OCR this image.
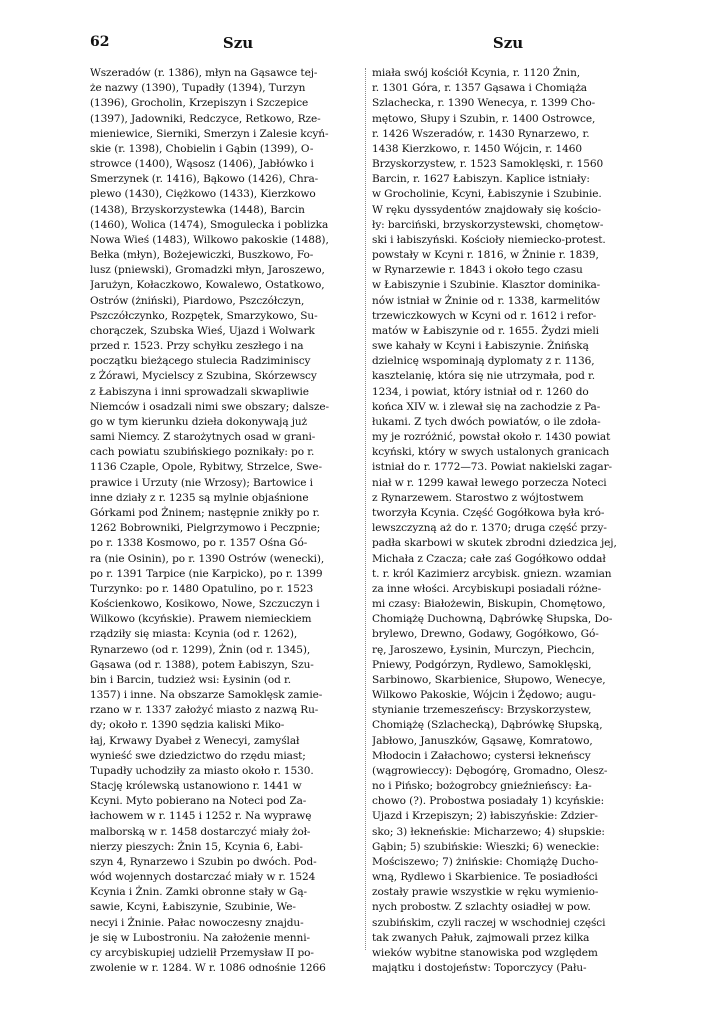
62	Szu	Szu
Wszeradów (r. 1386), młyn na Gąsawce tej-
że nazwy (1390), Tupadły (1394), Turzyn
(1396), Grocholin, Krzepiszyn i Szczepice
(1397), Jadowniki, Redczyce, Retkowo, Rze-
mieniewice, Sierniki, Smerzyn i Zalesie kcyń-
skie (r. 1398), Chobielin i Gąbin (1399), O-
strowce (1400), Wąsosz (1406), Jabłówko i
Smerzynek (r. 1416), Bąkowo (1426), Chra-
plewo (1430), Ciężkowo (1433), Kierzkowo
(1438), Brzyskorzystewka (1448), Barcin
(1460), Wolica (1474), Smogulecka i poblizka
Nowa Wieś (1483), Wilkowo pakoskie (1488),
Bełka (młyn), Bożejewiczki, Buszkowo, Fo-
lusz (pniewski), Gromadzki młyn, Jaroszewo,
Jarużyn, Kołaczkowo, Kowalewo, Ostatkowo,
Ostrów (żniński), Piardowo, Pszczółczyn,
Pszczółczynko, Rozpętek, Smarzykowo, Su-
chorączek, Szubska Wieś, Ujazd i Wolwark
przed r. 1523. Przy schyłku zeszłego i na
początku bieżącego stulecia Radziminiscy
z Żórawi, Mycielscy z Szubina, Skórzewscy
z Łabiszyna i inni sprowadzali skwapliwie
Niemców i osadzali nimi swe obszary; dalsze-
go w tym kierunku dzieła dokonywają już
sami Niemcy. Z starożytnych osad w grani-
cach powiatu szubińskiego poznikały: po r.
1136 Czaple, Opole, Rybitwy, Strzelce, Swe-
prawice i Urzuty (nie Wrzosy); Bartowice i
inne działy z r. 1235 są mylnie objaśnione
Górkami pod Żninem; następnie znikły po r.
1262 Bobrowniki, Pielgrzymowo i Peczpnie;
po r. 1338 Kosmowo, po r. 1357 Ośna Gó-
ra (nie Osinin), po r. 1390 Ostrów (wenecki),
po r. 1391 Tarpice (nie Karpicko), po r. 1399
Turzynko: po r. 1480 Opatulino, po r. 1523
Kościenkowo, Kosikowo, Nowe, Szczuczyn i
Wilkowo (kcyńskie). Prawem niemieckiem
rządziły się miasta: Kcynia (od r. 1262),
Rynarzewo (od r. 1299), Żnin (od r. 1345),
Gąsawa (od r. 1388), potem Łabiszyn, Szu-
bin i Barcin, tudzież wsi: Łysinin (od r.
1357) i inne. Na obszarze Samoklęsk zamie-
rzano w r. 1337 założyć miasto z nazwą Ru-
dy; około r. 1390 sędzia kaliski Miko-
łaj, Krwawy Dyabeł z Wenecyi, zamyślał
wynieść swe dziedzictwo do rzędu miast;
Tupadły uchodziły za miasto około r. 1530.
Stację królewską ustanowiono r. 1441 w
Kcyni. Myto pobierano na Noteci pod Za-
łachowem w r. 1145 i 1252 r. Na wyprawę
malborską w r. 1458 dostarczyć miały żoł-
nierzy pieszych: Żnin 15, Kcynia 6, Łabi-
szyn 4, Rynarzewo i Szubin po dwóch. Pod-
wód wojennych dostarczać miały w r. 1524
Kcynia i Żnin. Zamki obronne stały w Gą-
sawie, Kcyni, Łabiszynie, Szubinie, We-
necyi i Żninie. Pałac nowoczesny znajdu-
je się w Lubostroniu. Na założenie menni-
cy arcybiskupiej udzielił Przemysław II po-
zwolenie w r. 1284. W r. 1086 odnośnie 1266
miała swój kościół Kcynia, r. 1120 Żnin,
r. 1301 Góra, r. 1357 Gąsawa i Chomiąża
Szlachecka, r. 1390 Wenecya, r. 1399 Cho-
mętowo, Słupy i Szubin, r. 1400 Ostrowce,
r. 1426 Wszeradów, r. 1430 Rynarzewo, r.
1438 Kierzkowo, r. 1450 Wójcin, r. 1460
Brzyskorzystew, r. 1523 Samoklęski, r. 1560
Barcin, r. 1627 Łabiszyn. Kaplice istniały:
w Grocholinie, Kcyni, Łabiszynie i Szubinie.
W ręku dyssydentów znajdowały się kościo-
ły: barciński, brzyskorzystewski, chomętow-
ski i łabiszyński. Kościoły niemiecko-protest.
powstały w Kcyni r. 1816, w Żninie r. 1839,
w Rynarzewie r. 1843 i około tego czasu
w Łabiszynie i Szubinie. Klasztor dominika-
nów istniał w Żninie od r. 1338, karmelitów
trzewiczkowych w Kcyni od r. 1612 i refor-
matów w Łabiszynie od r. 1655. Żydzi mieli
swe kahały w Kcyni i Łabiszynie. Żnińską
dzielnicę wspominają dyplomaty z r. 1136,
kasztelanię, która się nie utrzymała, pod r.
1234, i powiat, który istniał od r. 1260 do
końca XIV w. i zlewał się na zachodzie z Pa-
łukami. Z tych dwóch powiatów, o ile zdoła-
my je rozróżnić, powstał około r. 1430 powiat
kcyński, który w swych ustalonych granicach
istniał do r. 1772—73. Powiat nakielski zagar-
niał w r. 1299 kawał lewego porzecza Noteci
z Rynarzewem. Starostwo z wójtostwem
tworzyła Kcynia. Część Gogółkowa była kró-
lewszczyzną aż do r. 1370; druga część przy-
padła skarbowi w skutek zbrodni dziedzica jej,
Michała z Czacza; całe zaś Gogółkowo oddał
t. r. król Kazimierz arcybisk. gniezn. wzamian
za inne włości. Arcybiskupi posiadali różne-
mi czasy: Białożewin, Biskupin, Chomętowo,
Chomiążę Duchowną, Dąbrówkę Słupska, Do-
brylewo, Drewno, Godawy, Gogółkowo, Gó-
rę, Jaroszewo, Łysinin, Murczyn, Piechcin,
Pniewy, Podgórzyn, Rydlewo, Samoklęski,
Sarbinowo, Skarbienice, Słupowo, Wenecye,
Wilkowo Pakoskie, Wójcin i Żędowo; augu-
stynianie trzemeszeńscy: Brzyskorzystew,
Chomiążę (Szlachecką), Dąbrówkę Słupską,
Jabłowo, Januszków, Gąsawę, Komratowo,
Młodocin i Załachowo; cystersi łekneńscy
(wągrowieccy): Dębogórę, Gromadno, Olesz-
no i Pińsko; bożogrobcy gnieźnieńscy: Ła-
chowo (?). Probostwa posiadały 1) kcyńskie:
Ujazd i Krzepiszyn; 2) łabiszyńskie: Zdzier-
sko; 3) łekneńskie: Micharzewo; 4) słupskie:
Gąbin; 5) szubińskie: Wieszki; 6) weneckie:
Mościszewo; 7) żnińskie: Chomiążę Ducho-
wną, Rydlewo i Skarbienice. Te posiadłości
zostały prawie wszystkie w ręku wymienio-
nych probostw. Z szlachty osiadłej w pow.
szubińskim, czyli raczej w wschodniej części
tak zwanych Pałuk, zajmowali przez kilka
wieków wybitne stanowiska pod względem
majątku i dostojeństw: Toporczycy (Pału-
